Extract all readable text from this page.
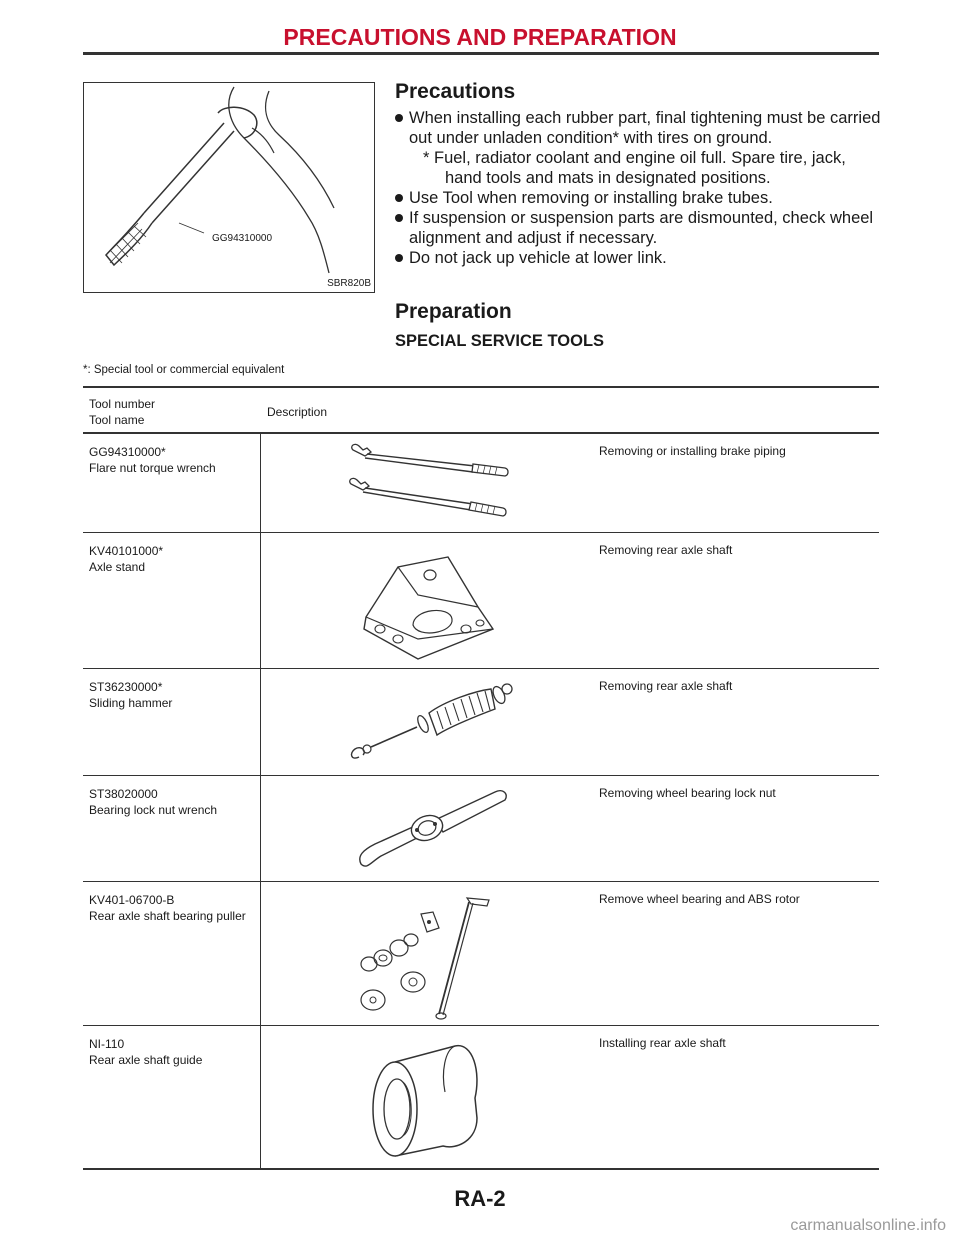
PRECAUTIONS AND PREPARATION
GG94310000
SBR820B
Precautions
When installing each rubber part, final tightening must be carried out under unladen condition* with tires on ground.
* Fuel, radiator coolant and engine oil full. Spare tire, jack, hand tools and mats in designated positions.
Use Tool when removing or installing brake tubes.
If suspension or suspension parts are dismounted, check wheel alignment and adjust if necessary.
Do not jack up vehicle at lower link.
Preparation
SPECIAL SERVICE TOOLS
*: Special tool or commercial equivalent
Tool number
Tool name
Description
GG94310000*
Flare nut torque wrench
Removing or installing brake piping
KV40101000*
Axle stand
Removing rear axle shaft
ST36230000*
Sliding hammer
Removing rear axle shaft
ST38020000
Bearing lock nut wrench
Removing wheel bearing lock nut
KV401-06700-B
Rear axle shaft bearing puller
Remove wheel bearing and ABS rotor
NI-110
Rear axle shaft guide
Installing rear axle shaft
RA-2
carmanualsonline.info
